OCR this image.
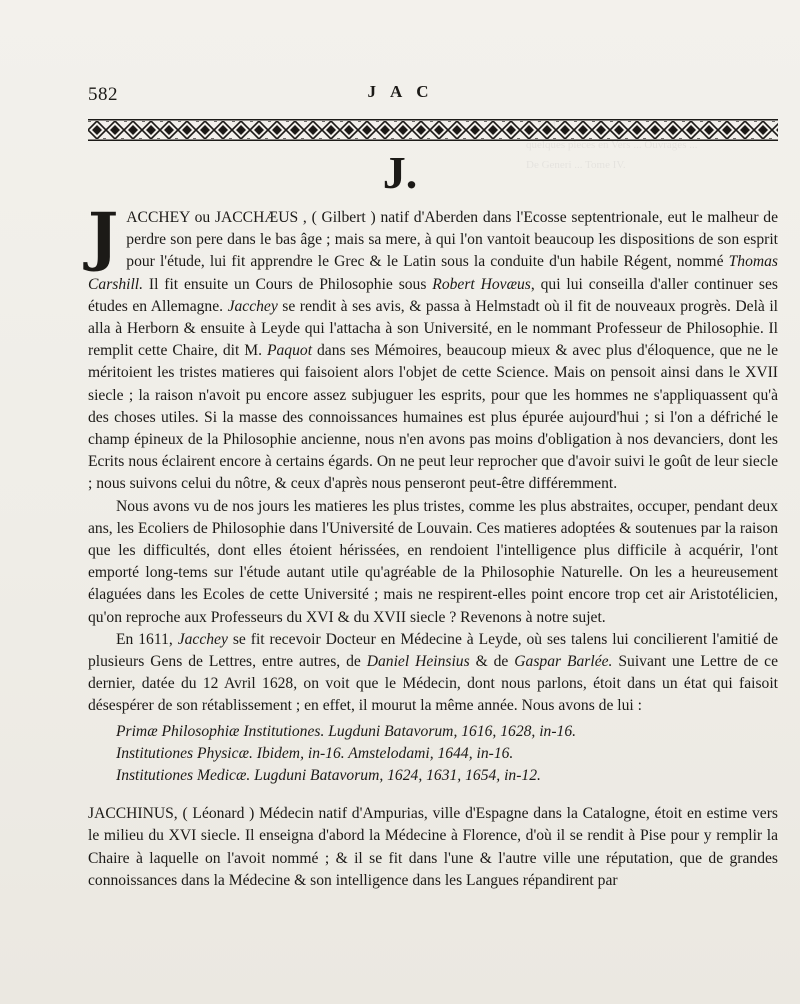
quelques pieces en Vers ... Ouvrages ...
De Generi ... Tome IV.
582	JAC
J.

J ACCHEY ou JACCHÆUS , ( Gilbert ) natif d'Aberden dans l'Ecosse septentrionale, eut le malheur de perdre son pere dans le bas âge ; mais sa mere, à qui l'on vantoit beaucoup les dispositions de son esprit pour l'étude, lui fit apprendre le Grec & le Latin sous la conduite d'un habile Régent, nommé Thomas Carshill. Il fit ensuite un Cours de Philosophie sous Robert Hovæus, qui lui conseilla d'aller continuer ses études en Allemagne. Jacchey se rendit à ses avis, & passa à Helmstadt où il fit de nouveaux progrès. Delà il alla à Herborn & ensuite à Leyde qui l'attacha à son Université, en le nommant Professeur de Philosophie. Il remplit cette Chaire, dit M. Paquot dans ses Mémoires, beaucoup mieux & avec plus d'éloquence, que ne le méritoient les tristes matieres qui faisoient alors l'objet de cette Science. Mais on pensoit ainsi dans le XVII siecle ; la raison n'avoit pu encore assez subjuguer les esprits, pour que les hommes ne s'appliquassent qu'à des choses utiles. Si la masse des connoissances humaines est plus épurée aujourd'hui ; si l'on a défriché le champ épineux de la Philosophie ancienne, nous n'en avons pas moins d'obligation à nos devanciers, dont les Ecrits nous éclairent encore à certains égards. On ne peut leur reprocher que d'avoir suivi le goût de leur siecle ; nous suivons celui du nôtre, & ceux d'après nous penseront peut-être différemment.

Nous avons vu de nos jours les matieres les plus tristes, comme les plus abstraites, occuper, pendant deux ans, les Ecoliers de Philosophie dans l'Université de Louvain. Ces matieres adoptées & soutenues par la raison que les difficultés, dont elles étoient hérissées, en rendoient l'intelligence plus difficile à acquérir, l'ont emporté long-tems sur l'étude autant utile qu'agréable de la Philosophie Naturelle. On les a heureusement élaguées dans les Ecoles de cette Université ; mais ne respirent-elles point encore trop cet air Aristotélicien, qu'on reproche aux Professeurs du XVI & du XVII siecle ? Revenons à notre sujet.

En 1611, Jacchey se fit recevoir Docteur en Médecine à Leyde, où ses talens lui concilierent l'amitié de plusieurs Gens de Lettres, entre autres, de Daniel Heinsius & de Gaspar Barlée. Suivant une Lettre de ce dernier, datée du 12 Avril 1628, on voit que le Médecin, dont nous parlons, étoit dans un état qui faisoit désespérer de son rétablissement ; en effet, il mourut la même année. Nous avons de lui :

Primæ Philosophiæ Institutiones. Lugduni Batavorum, 1616, 1628, in-16.
Institutiones Physicæ. Ibidem, in-16. Amstelodami, 1644, in-16.
Institutiones Medicæ. Lugduni Batavorum, 1624, 1631, 1654, in-12.

JACCHINUS, ( Léonard ) Médecin natif d'Ampurias, ville d'Espagne dans la Catalogne, étoit en estime vers le milieu du XVI siecle. Il enseigna d'abord la Médecine à Florence, d'où il se rendit à Pise pour y remplir la Chaire à laquelle on l'avoit nommé ; & il se fit dans l'une & l'autre ville une réputation, que de grandes connoissances dans la Médecine & son intelligence dans les Langues répandirent par
